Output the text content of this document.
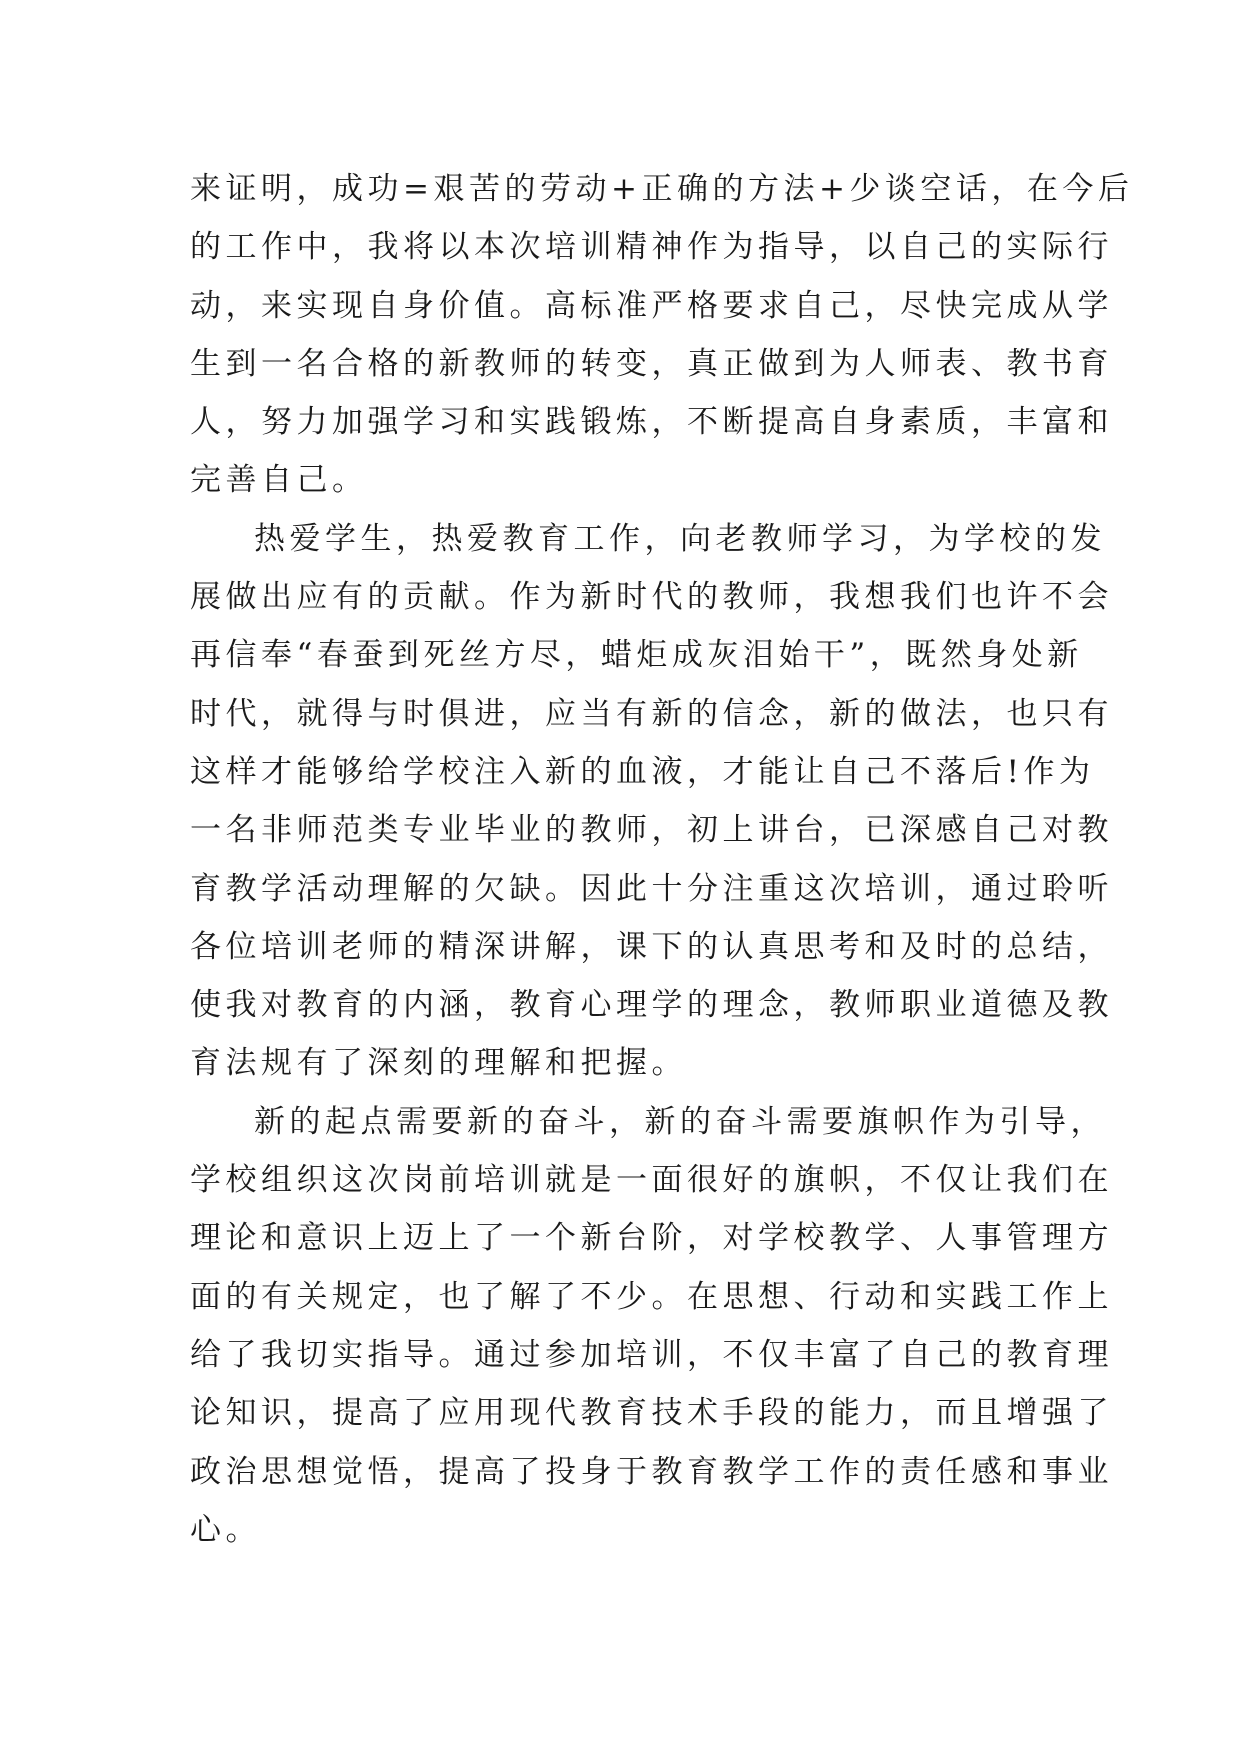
来证明，成功=艰苦的劳动+正确的方法+少谈空话，在今后
的工作中，我将以本次培训精神作为指导，以自己的实际行
动，来实现自身价值。高标准严格要求自己，尽快完成从学
生到一名合格的新教师的转变，真正做到为人师表、教书育
人，努力加强学习和实践锻炼，不断提高自身素质，丰富和
完善自己。
热爱学生，热爱教育工作，向老教师学习，为学校的发
展做出应有的贡献。作为新时代的教师，我想我们也许不会
再信奉“春蚕到死丝方尽，蜡炬成灰泪始干”，既然身处新
时代，就得与时俱进，应当有新的信念，新的做法，也只有
这样才能够给学校注入新的血液，才能让自己不落后!作为
一名非师范类专业毕业的教师，初上讲台，已深感自己对教
育教学活动理解的欠缺。因此十分注重这次培训，通过聆听
各位培训老师的精深讲解，课下的认真思考和及时的总结，
使我对教育的内涵，教育心理学的理念，教师职业道德及教
育法规有了深刻的理解和把握。
新的起点需要新的奋斗，新的奋斗需要旗帜作为引导，
学校组织这次岗前培训就是一面很好的旗帜，不仅让我们在
理论和意识上迈上了一个新台阶，对学校教学、人事管理方
面的有关规定，也了解了不少。在思想、行动和实践工作上
给了我切实指导。通过参加培训，不仅丰富了自己的教育理
论知识，提高了应用现代教育技术手段的能力，而且增强了
政治思想觉悟，提高了投身于教育教学工作的责任感和事业
心。
